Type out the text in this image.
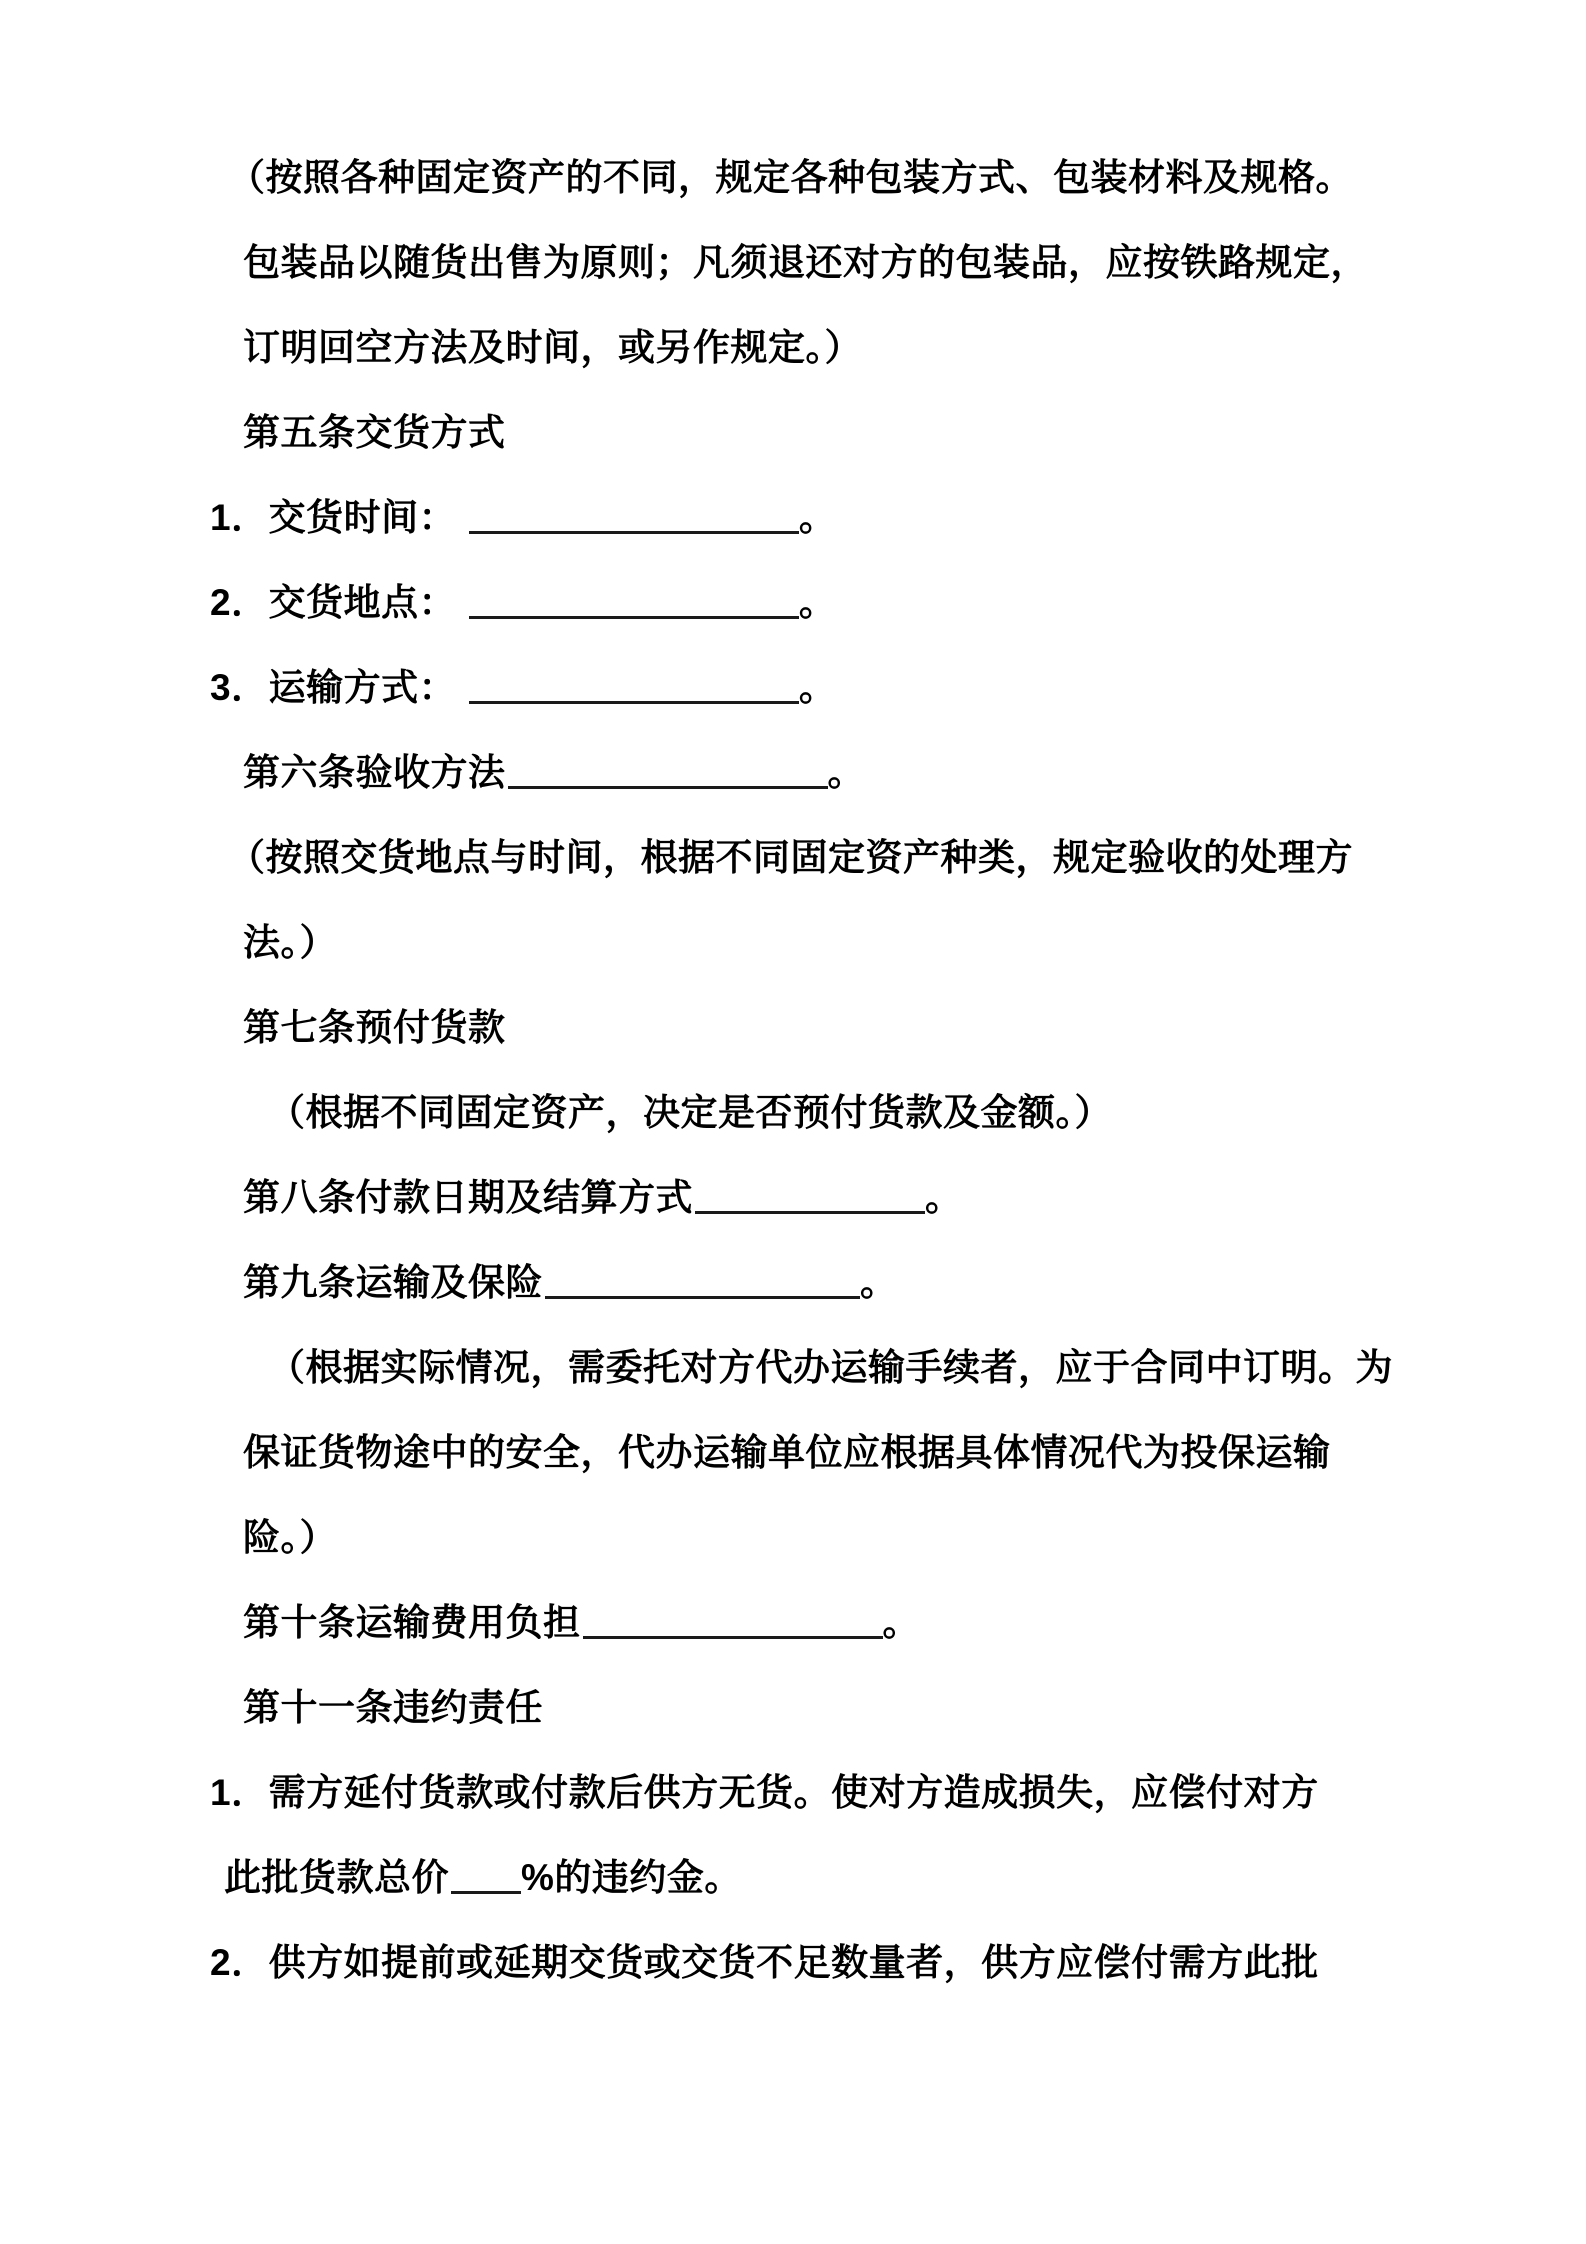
（按照各种固定资产的不同，规定各种包装方式、包装材料及规格。
包装品以随货出售为原则；凡须退还对方的包装品，应按铁路规定，
订明回空方法及时间，或另作规定。）
第五条交货方式
1．交货时间：	。
2．交货地点：	。
3．运输方式：	。
第六条验收方法	。
（按照交货地点与时间，根据不同固定资产种类，规定验收的处理方
法。）
第七条预付货款
（根据不同固定资产，决定是否预付货款及金额。）
第八条付款日期及结算方式	。
第九条运输及保险	。
（根据实际情况，需委托对方代办运输手续者，应于合同中订明。为
保证货物途中的安全，代办运输单位应根据具体情况代为投保运输
险。）
第十条运输费用负担	。
第十一条违约责任
1．需方延付货款或付款后供方无货。使对方造成损失，应偿付对方
此批货款总价 %的违约金。
2．供方如提前或延期交货或交货不足数量者，供方应偿付需方此批
